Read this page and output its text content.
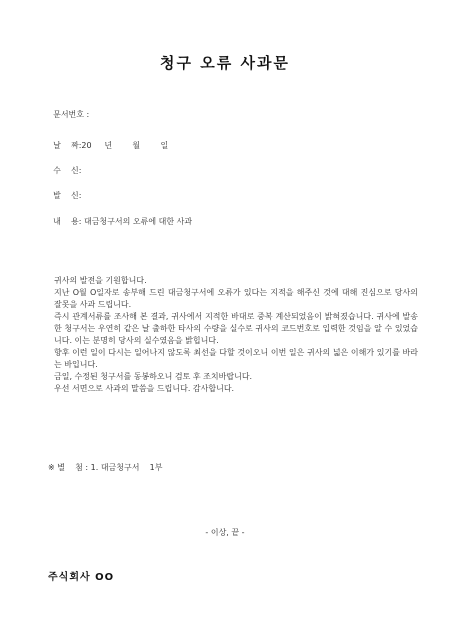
청구 오류 사과문

문서번호 :

날    짜:20     년        월        일

수    신:

발    신:

내    용: 대금청구서의 오류에 대한 사과

귀사의 발전을 기원합니다.

지난 O월 O일자로 송부해 드린 대금청구서에 오류가 있다는 지적을 해주신 것에 대해 진심으로 당사의 잘못을 사과 드립니다.

즉시 관계서류를 조사해 본 결과, 귀사에서 지적한 바대로 중복 계산되었음이 밝혀졌습니다. 귀사에 발송한 청구서는 우연히 같은 날 출하한 타사의 수량을 실수로 귀사의 코드번호로 입력한 것임을 알 수 있었습니다. 이는 분명히 당사의 실수였음을 밝힙니다.

향후 이런 일이 다시는 일어나지 않도록 최선을 다할 것이오니 이번 일은 귀사의 넓은 이해가 있기를 바라는 바입니다.

금일, 수정된 청구서를 동봉하오니 검토 후 조치바랍니다.

우선 서면으로 사과의 말씀을 드립니다. 감사합니다.

※ 별    첨 : 1. 대금청구서    1부
- 이상, 끝 -
주식회사 OO
